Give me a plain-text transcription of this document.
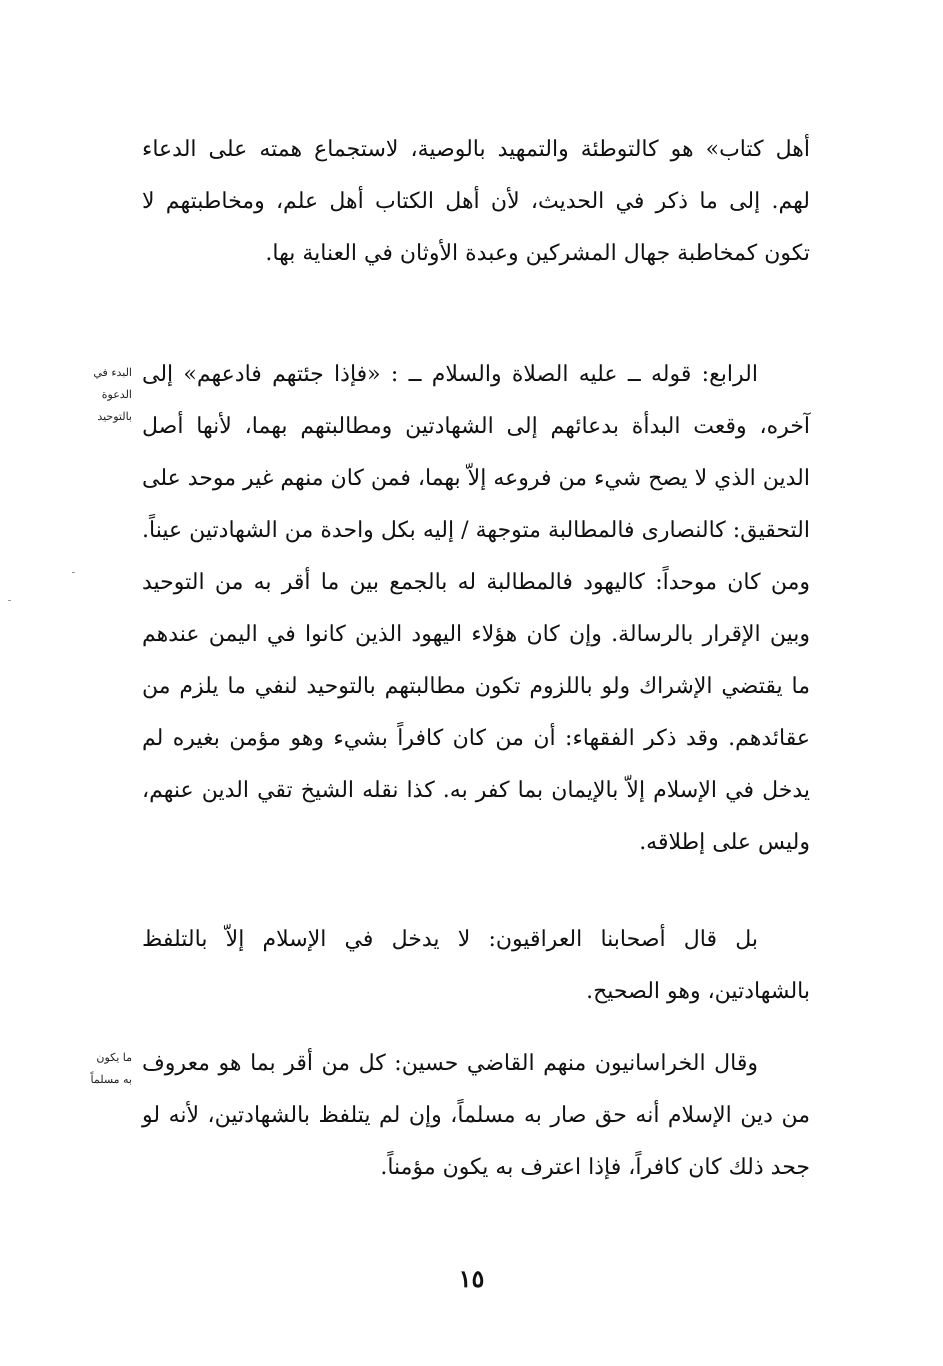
أهل كتاب» هو كالتوطئة والتمهيد بالوصية، لاستجماع همته على الدعاء لهم. إلى ما ذكر في الحديث، لأن أهل الكتاب أهل علم، ومخاطبتهم لا تكون كمخاطبة جهال المشركين وعبدة الأوثان في العناية بها.

البدء في
الدعوة
بالتوحيد

الرابع: قوله ــ عليه الصلاة والسلام ــ : «فإذا جئتهم فادعهم» إلى آخره، وقعت البدأة بدعائهم إلى الشهادتين ومطالبتهم بهما، لأنها أصل الدين الذي لا يصح شيء من فروعه إلاّ بهما، فمن كان منهم غير موحد على التحقيق: كالنصارى فالمطالبة متوجهة / إليه بكل واحدة من الشهادتين عيناً. ومن كان موحداً: كاليهود فالمطالبة له بالجمع بين ما أقر به من التوحيد وبين الإقرار بالرسالة. وإن كان هؤلاء اليهود الذين كانوا في اليمن عندهم ما يقتضي الإشراك ولو باللزوم تكون مطالبتهم بالتوحيد لنفي ما يلزم من عقائدهم. وقد ذكر الفقهاء: أن من كان كافراً بشيء وهو مؤمن بغيره لم يدخل في الإسلام إلاّ بالإيمان بما كفر به. كذا نقله الشيخ تقي الدين عنهم، وليس على إطلاقه.

بل قال أصحابنا العراقيون: لا يدخل في الإسلام إلاّ بالتلفظ بالشهادتين، وهو الصحيح.

ما يكون
به مسلماً

وقال الخراسانيون منهم القاضي حسين: كل من أقر بما هو معروف من دين الإسلام أنه حق صار به مسلماً، وإن لم يتلفظ بالشهادتين، لأنه لو جحد ذلك كان كافراً، فإذا اعترف به يكون مؤمناً.

١٥
